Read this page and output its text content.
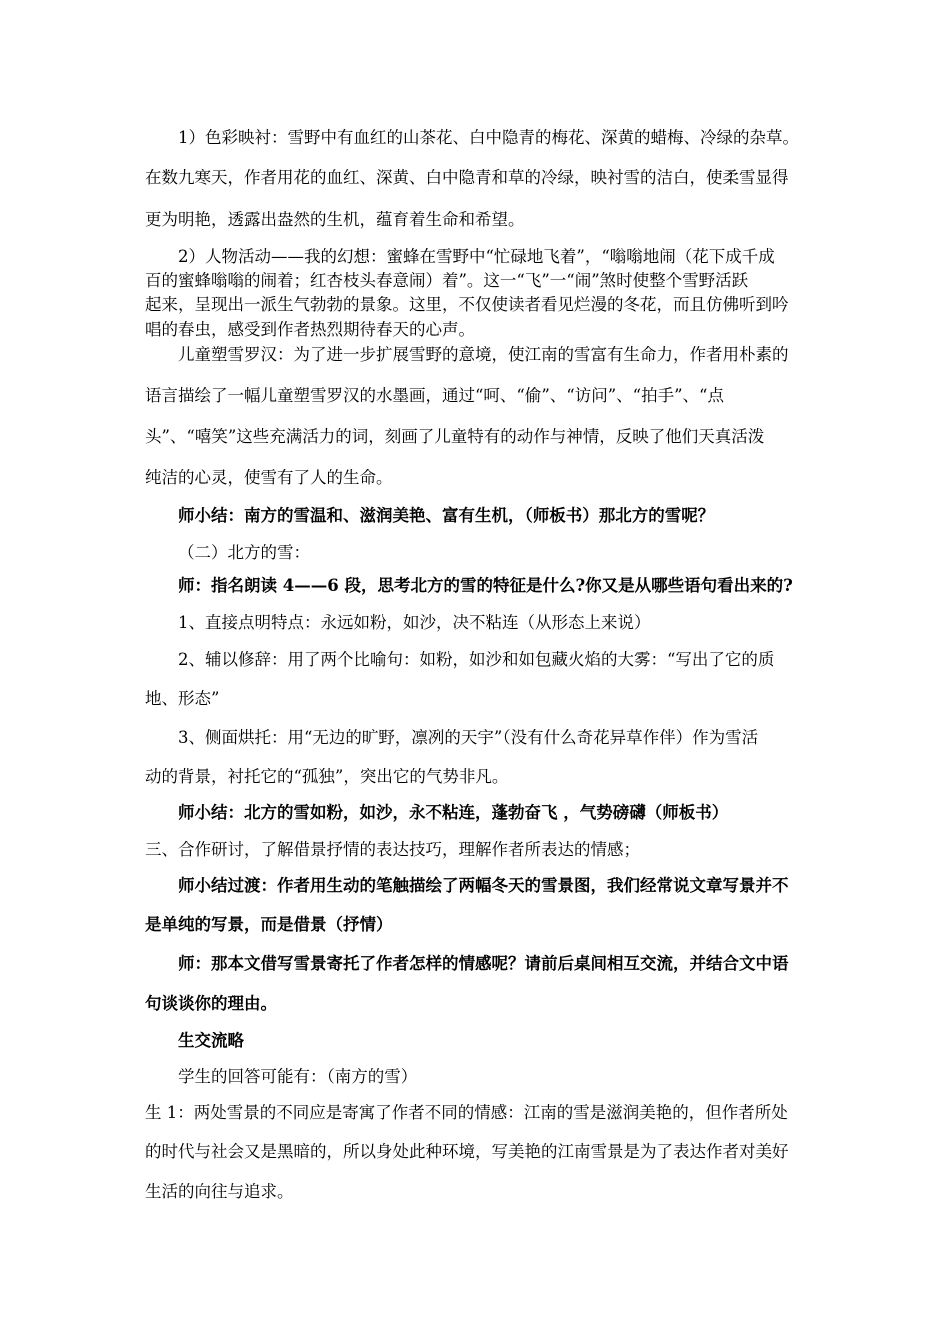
1）色彩映衬：雪野中有血红的山茶花、白中隐青的梅花、深黄的蜡梅、冷绿的杂草。
在数九寒天，作者用花的血红、深黄、白中隐青和草的冷绿，映衬雪的洁白，使柔雪显得
更为明艳，透露出盎然的生机，蕴育着生命和希望。
2）人物活动——我的幻想：蜜蜂在雪野中“忙碌地飞着”，“嗡嗡地闹（花下成千成
百的蜜蜂嗡嗡的闹着；红杏枝头春意闹）着”。这一“飞”一“闹”煞时使整个雪野活跃
起来，呈现出一派生气勃勃的景象。这里，不仅使读者看见烂漫的冬花，而且仿佛听到吟
唱的春虫，感受到作者热烈期待春天的心声。
儿童塑雪罗汉：为了进一步扩展雪野的意境，使江南的雪富有生命力，作者用朴素的
语言描绘了一幅儿童塑雪罗汉的水墨画，通过“呵、“偷”、“访问”、“拍手”、“点
头”、“嘻笑”这些充满活力的词，刻画了儿童特有的动作与神情，反映了他们天真活泼
纯洁的心灵，使雪有了人的生命。
师小结：南方的雪温和、滋润美艳、富有生机，（师板书）那北方的雪呢？
（二）北方的雪：
师：指名朗读 4——6 段，思考北方的雪的特征是什么?你又是从哪些语句看出来的?
1、直接点明特点：永远如粉，如沙，决不粘连（从形态上来说）
2、辅以修辞：用了两个比喻句：如粉，如沙和如包藏火焰的大雾：“写出了它的质
地、形态”
3、侧面烘托：用“无边的旷野，凛冽的天宇”（没有什么奇花异草作伴）作为雪活
动的背景，衬托它的“孤独”，突出它的气势非凡。
师小结：北方的雪如粉，如沙，永不粘连，蓬勃奋飞 ，气势磅礴（师板书）
三、合作研讨，了解借景抒情的表达技巧，理解作者所表达的情感；
师小结过渡：作者用生动的笔触描绘了两幅冬天的雪景图，我们经常说文章写景并不
是单纯的写景，而是借景（抒情）
师：那本文借写雪景寄托了作者怎样的情感呢？请前后桌间相互交流，并结合文中语
句谈谈你的理由。
生交流略
学生的回答可能有：（南方的雪）
生 1：两处雪景的不同应是寄寓了作者不同的情感：江南的雪是滋润美艳的，但作者所处
的时代与社会又是黑暗的，所以身处此种环境，写美艳的江南雪景是为了表达作者对美好
生活的向往与追求。
